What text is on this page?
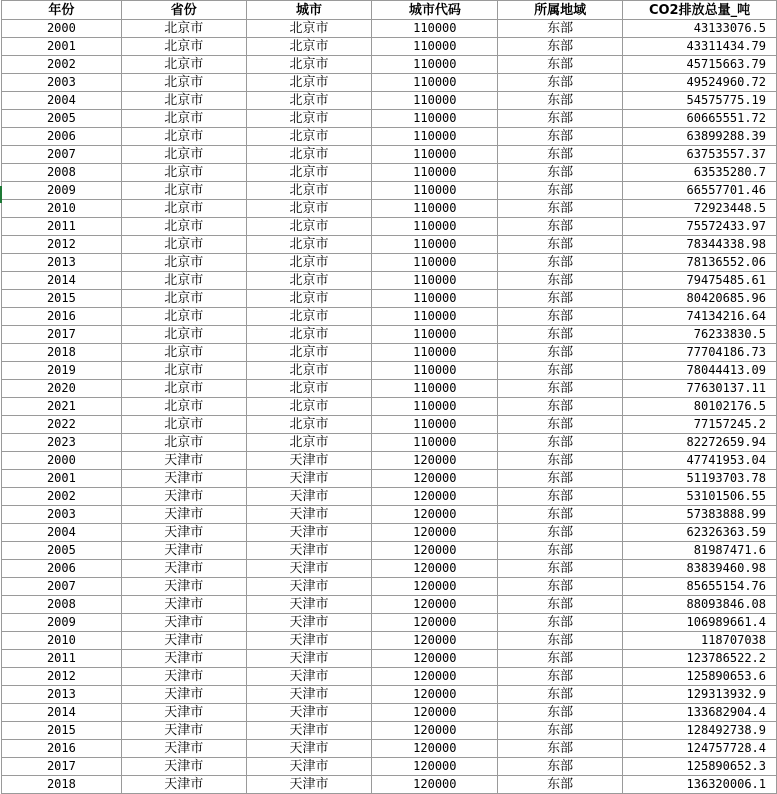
年份	省份	城市	城市代码	所属地域	CO2排放总量_吨
2000	北京市	北京市	110000	东部	43133076.5
2001	北京市	北京市	110000	东部	43311434.79
2002	北京市	北京市	110000	东部	45715663.79
2003	北京市	北京市	110000	东部	49524960.72
2004	北京市	北京市	110000	东部	54575775.19
2005	北京市	北京市	110000	东部	60665551.72
2006	北京市	北京市	110000	东部	63899288.39
2007	北京市	北京市	110000	东部	63753557.37
2008	北京市	北京市	110000	东部	63535280.7
2009	北京市	北京市	110000	东部	66557701.46
2010	北京市	北京市	110000	东部	72923448.5
2011	北京市	北京市	110000	东部	75572433.97
2012	北京市	北京市	110000	东部	78344338.98
2013	北京市	北京市	110000	东部	78136552.06
2014	北京市	北京市	110000	东部	79475485.61
2015	北京市	北京市	110000	东部	80420685.96
2016	北京市	北京市	110000	东部	74134216.64
2017	北京市	北京市	110000	东部	76233830.5
2018	北京市	北京市	110000	东部	77704186.73
2019	北京市	北京市	110000	东部	78044413.09
2020	北京市	北京市	110000	东部	77630137.11
2021	北京市	北京市	110000	东部	80102176.5
2022	北京市	北京市	110000	东部	77157245.2
2023	北京市	北京市	110000	东部	82272659.94
2000	天津市	天津市	120000	东部	47741953.04
2001	天津市	天津市	120000	东部	51193703.78
2002	天津市	天津市	120000	东部	53101506.55
2003	天津市	天津市	120000	东部	57383888.99
2004	天津市	天津市	120000	东部	62326363.59
2005	天津市	天津市	120000	东部	81987471.6
2006	天津市	天津市	120000	东部	83839460.98
2007	天津市	天津市	120000	东部	85655154.76
2008	天津市	天津市	120000	东部	88093846.08
2009	天津市	天津市	120000	东部	106989661.4
2010	天津市	天津市	120000	东部	118707038
2011	天津市	天津市	120000	东部	123786522.2
2012	天津市	天津市	120000	东部	125890653.6
2013	天津市	天津市	120000	东部	129313932.9
2014	天津市	天津市	120000	东部	133682904.4
2015	天津市	天津市	120000	东部	128492738.9
2016	天津市	天津市	120000	东部	124757728.4
2017	天津市	天津市	120000	东部	125890652.3
2018	天津市	天津市	120000	东部	136320006.1
